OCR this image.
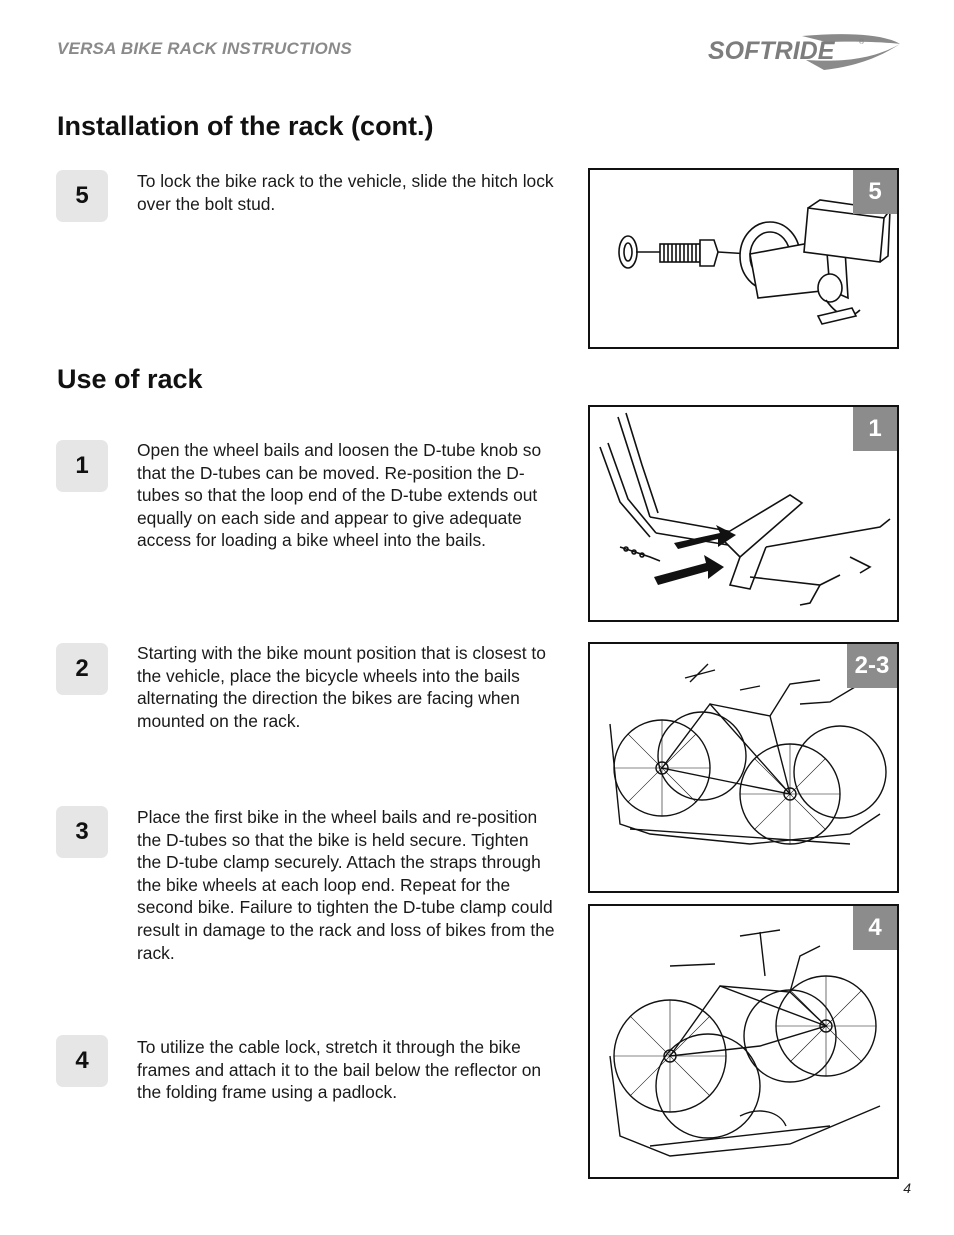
VERSA BIKE RACK INSTRUCTIONS	SOFTRIDE	®
Installation of the rack (cont.)
5
To lock the bike rack to the vehicle, slide the hitch lock over the bolt stud.	5
Use of rack
1
Open the wheel bails and loosen the D-tube knob so that the D-tubes can be moved. Re-position the D-tubes so that the loop end of the D-tube extends out equally on each side and appear to give adequate access for loading a bike wheel into the bails.
1
2
Starting with the bike mount position that is closest to the vehicle, place the bicycle wheels into the bails alternating the direction the bikes are facing when mounted on the rack.
2-3
3
Place the first bike in the wheel bails and re-position the D-tubes so that the bike is held secure. Tighten the D-tube clamp securely. Attach the straps through the bike wheels at each loop end. Repeat for the second bike. Failure to tighten the D-tube clamp could result in damage to the rack and loss of bikes from the rack.
4	To utilize the cable lock, stretch it through the bike frames and attach it to the bail below the reflector on the folding frame using a padlock.
4
4
